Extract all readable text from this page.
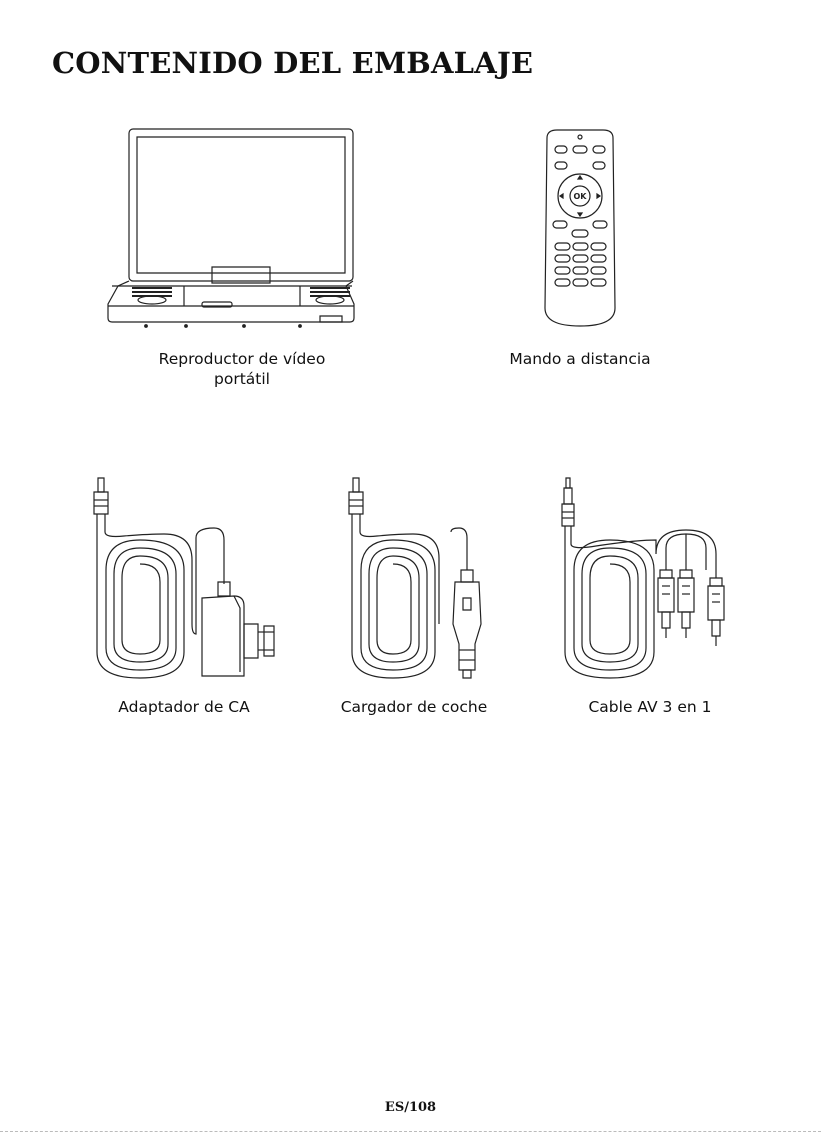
CONTENIDO DEL EMBALAJE
Reproductor de vídeo
portátil
OK
Mando a distancia
Adaptador de CA	Cargador de coche	Cable AV 3 en 1
ES/108
